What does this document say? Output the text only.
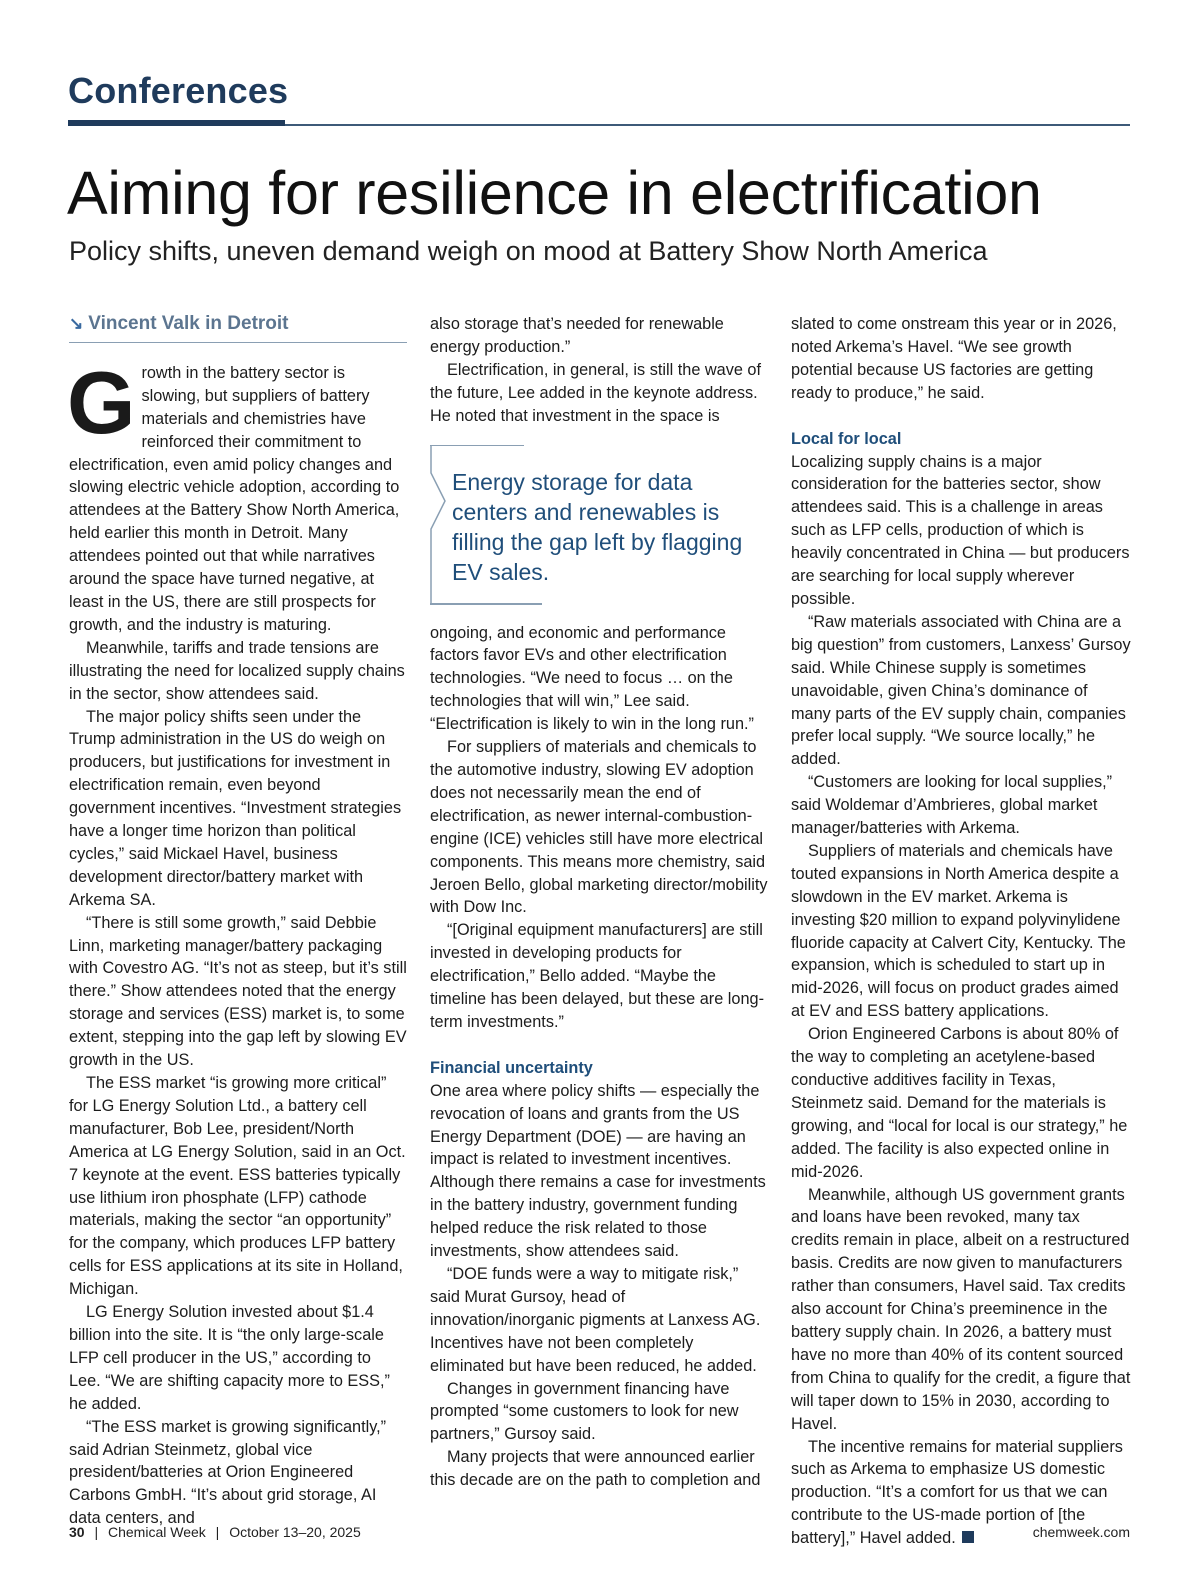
Conferences
Aiming for resilience in electrification
Policy shifts, uneven demand weigh on mood at Battery Show North America
↘ Vincent Valk in Detroit

Growth in the battery sector is slowing, but suppliers of battery materials and chemistries have reinforced their commitment to electrification, even amid policy changes and slowing electric vehicle adoption, according to attendees at the Battery Show North America, held earlier this month in Detroit. Many attendees pointed out that while narratives around the space have turned negative, at least in the US, there are still prospects for growth, and the industry is maturing.

Meanwhile, tariffs and trade tensions are illustrating the need for localized supply chains in the sector, show attendees said.

The major policy shifts seen under the Trump administration in the US do weigh on producers, but justifications for investment in electrification remain, even beyond government incentives. “Investment strategies have a longer time horizon than political cycles,” said Mickael Havel, business development director/battery market with Arkema SA.

“There is still some growth,” said Debbie Linn, marketing manager/battery packaging with Covestro AG. “It’s not as steep, but it’s still there.” Show attendees noted that the energy storage and services (ESS) market is, to some extent, stepping into the gap left by slowing EV growth in the US.

The ESS market “is growing more critical” for LG Energy Solution Ltd., a battery cell manufacturer, Bob Lee, president/North America at LG Energy Solution, said in an Oct. 7 keynote at the event. ESS batteries typically use lithium iron phosphate (LFP) cathode materials, making the sector “an opportunity” for the company, which produces LFP battery cells for ESS applications at its site in Holland, Michigan.

LG Energy Solution invested about $1.4 billion into the site. It is “the only large-scale LFP cell producer in the US,” according to Lee. “We are shifting capacity more to ESS,” he added.

“The ESS market is growing significantly,” said Adrian Steinmetz, global vice president/batteries at Orion Engineered Carbons GmbH. “It’s about grid storage, AI data centers, and

also storage that’s needed for renewable energy production.”

Electrification, in general, is still the wave of the future, Lee added in the keynote address. He noted that investment in the space is

Energy storage for data centers and renewables is filling the gap left by flagging EV sales.

ongoing, and economic and performance factors favor EVs and other electrification technologies. “We need to focus … on the technologies that will win,” Lee said. “Electrification is likely to win in the long run.”

For suppliers of materials and chemicals to the automotive industry, slowing EV adoption does not necessarily mean the end of electrification, as newer internal-combustion-engine (ICE) vehicles still have more electrical components. This means more chemistry, said Jeroen Bello, global marketing director/mobility with Dow Inc.

“[Original equipment manufacturers] are still invested in developing products for electrification,” Bello added. “Maybe the timeline has been delayed, but these are long-term investments.”

Financial uncertainty

One area where policy shifts — especially the revocation of loans and grants from the US Energy Department (DOE) — are having an impact is related to investment incentives. Although there remains a case for investments in the battery industry, government funding helped reduce the risk related to those investments, show attendees said.

“DOE funds were a way to mitigate risk,” said Murat Gursoy, head of innovation/inorganic pigments at Lanxess AG. Incentives have not been completely eliminated but have been reduced, he added.

Changes in government financing have prompted “some customers to look for new partners,” Gursoy said.

Many projects that were announced earlier this decade are on the path to completion and

slated to come onstream this year or in 2026, noted Arkema’s Havel. “We see growth potential because US factories are getting ready to produce,” he said.

Local for local

Localizing supply chains is a major consideration for the batteries sector, show attendees said. This is a challenge in areas such as LFP cells, production of which is heavily concentrated in China — but producers are searching for local supply wherever possible.

“Raw materials associated with China are a big question” from customers, Lanxess’ Gursoy said. While Chinese supply is sometimes unavoidable, given China’s dominance of many parts of the EV supply chain, companies prefer local supply. “We source locally,” he added.

“Customers are looking for local supplies,” said Woldemar d’Ambrieres, global market manager/batteries with Arkema.

Suppliers of materials and chemicals have touted expansions in North America despite a slowdown in the EV market. Arkema is investing $20 million to expand polyvinylidene fluoride capacity at Calvert City, Kentucky. The expansion, which is scheduled to start up in mid-2026, will focus on product grades aimed at EV and ESS battery applications.

Orion Engineered Carbons is about 80% of the way to completing an acetylene-based conductive additives facility in Texas, Steinmetz said. Demand for the materials is growing, and “local for local is our strategy,” he added. The facility is also expected online in mid-2026.

Meanwhile, although US government grants and loans have been revoked, many tax credits remain in place, albeit on a restructured basis. Credits are now given to manufacturers rather than consumers, Havel said. Tax credits also account for China’s preeminence in the battery supply chain. In 2026, a battery must have no more than 40% of its content sourced from China to qualify for the credit, a figure that will taper down to 15% in 2030, according to Havel.

The incentive remains for material suppliers such as Arkema to emphasize US domestic production. “It’s a comfort for us that we can contribute to the US-made portion of [the battery],” Havel added.

30 | Chemical Week | October 13–20, 2025	chemweek.com
